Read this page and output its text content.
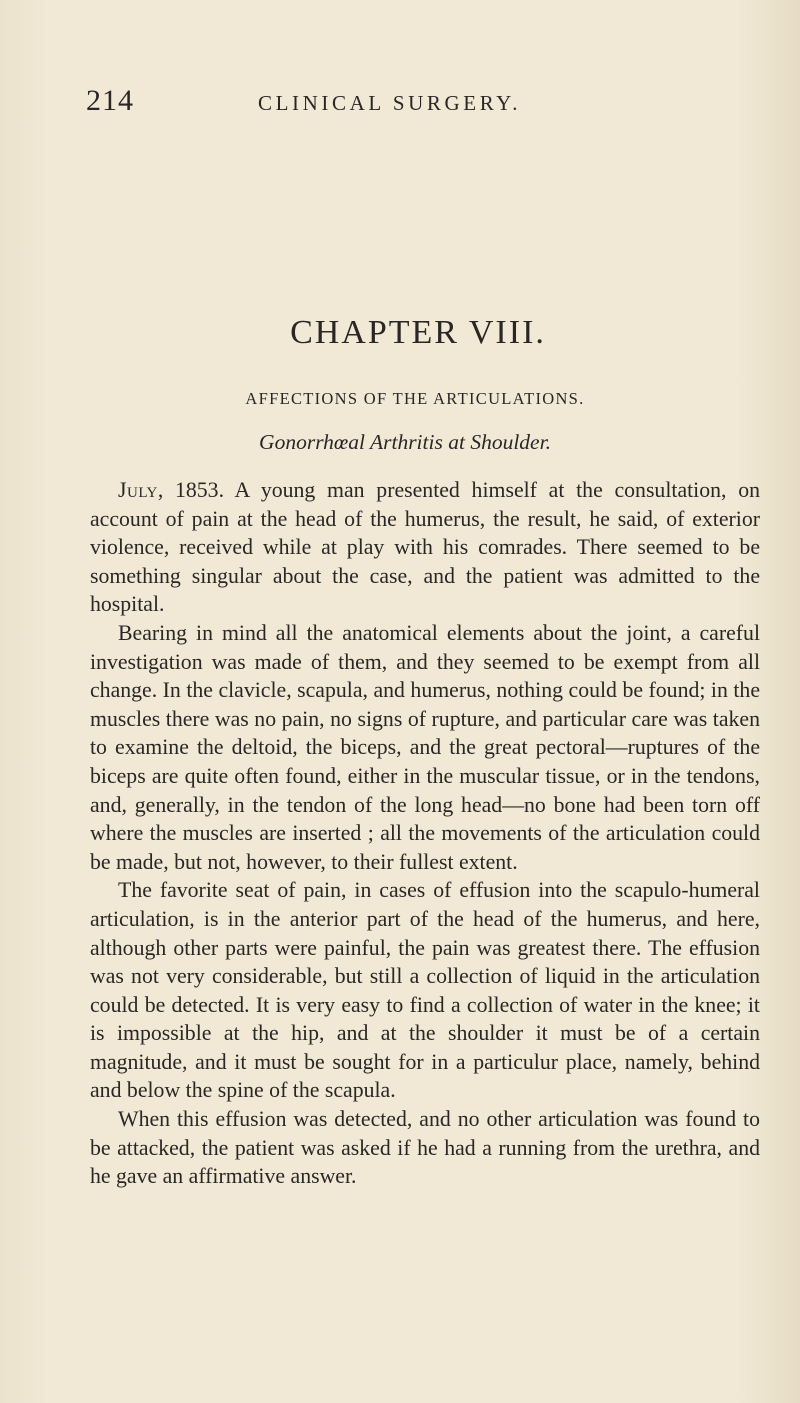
214	CLINICAL SURGERY.
CHAPTER VIII.
AFFECTIONS OF THE ARTICULATIONS.
Gonorrhœal Arthritis at Shoulder.

July, 1853. A young man presented himself at the consultation, on account of pain at the head of the humerus, the result, he said, of exterior violence, received while at play with his comrades. There seemed to be something singular about the case, and the patient was admitted to the hospital.

Bearing in mind all the anatomical elements about the joint, a careful investigation was made of them, and they seemed to be exempt from all change. In the clavicle, scapula, and humerus, nothing could be found; in the muscles there was no pain, no signs of rupture, and particular care was taken to examine the deltoid, the biceps, and the great pectoral—ruptures of the biceps are quite often found, either in the muscular tissue, or in the tendons, and, generally, in the tendon of the long head—no bone had been torn off where the muscles are inserted ; all the movements of the articulation could be made, but not, however, to their fullest extent.

The favorite seat of pain, in cases of effusion into the scapulo-humeral articulation, is in the anterior part of the head of the humerus, and here, although other parts were painful, the pain was greatest there. The effusion was not very considerable, but still a collection of liquid in the articulation could be detected. It is very easy to find a collection of water in the knee; it is impossible at the hip, and at the shoulder it must be of a certain magnitude, and it must be sought for in a particulur place, namely, behind and below the spine of the scapula.

When this effusion was detected, and no other articulation was found to be attacked, the patient was asked if he had a running from the urethra, and he gave an affirmative answer.
